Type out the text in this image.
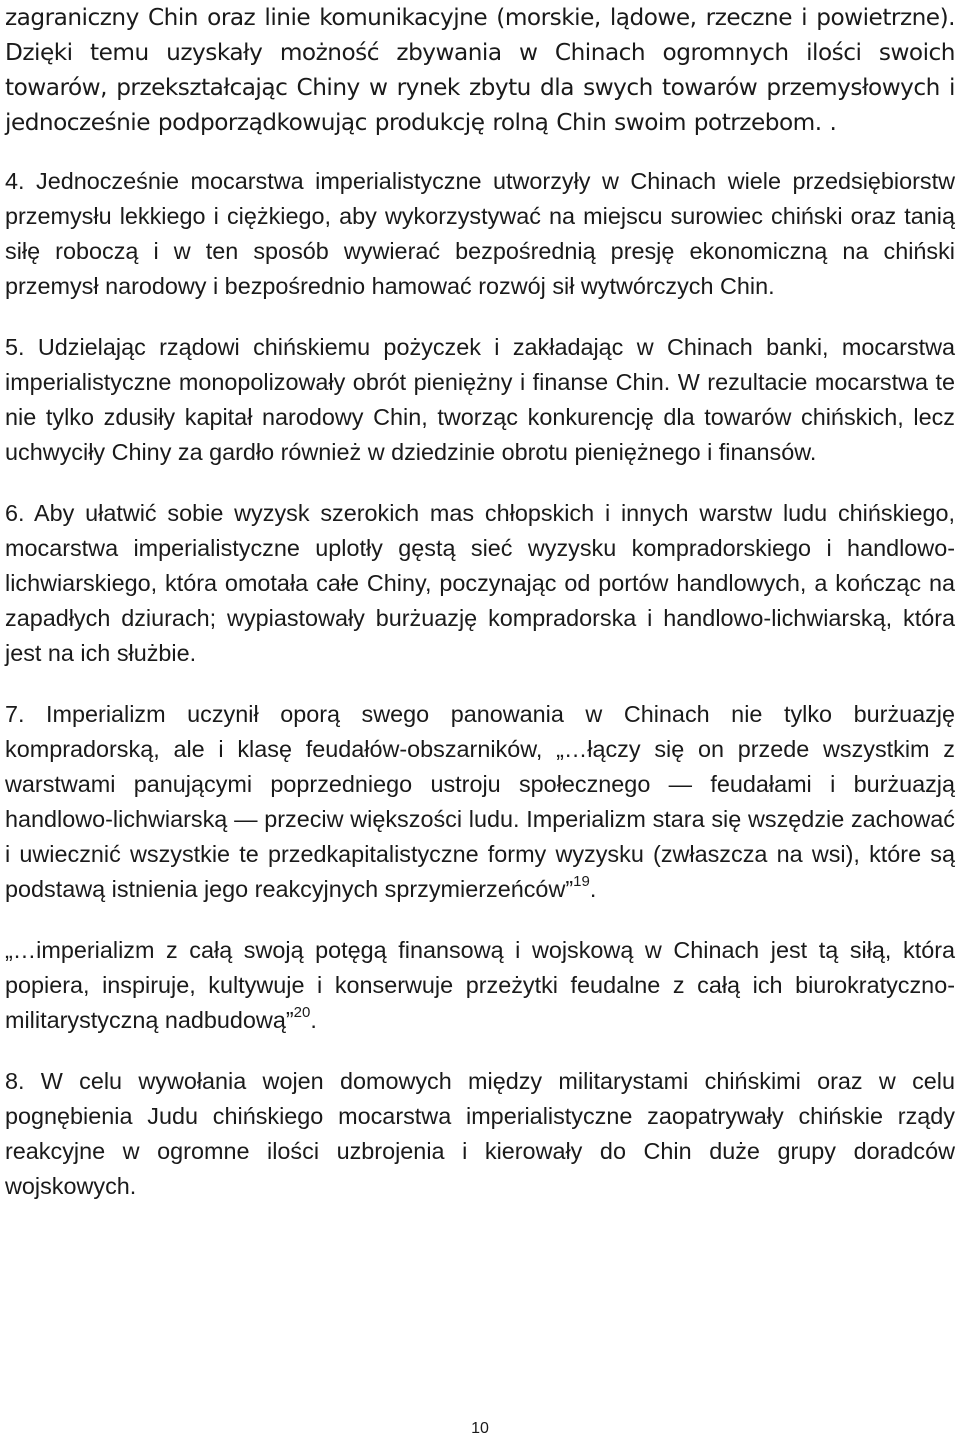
zagraniczny Chin oraz linie komunikacyjne (morskie, lądowe, rzeczne i powietrzne). Dzięki temu uzyskały możność zbywania w Chinach ogromnych ilości swoich towarów, przekształcając Chiny w rynek zbytu dla swych towarów przemysłowych i jednocześnie podporządkowując produkcję rolną Chin swoim potrzebom. .

4. Jednocześnie mocarstwa imperialistyczne utworzyły w Chinach wiele przedsiębiorstw przemysłu lekkiego i ciężkiego, aby wykorzystywać na miejscu surowiec chiński oraz tanią siłę roboczą i w ten sposób wywierać bezpośrednią presję ekonomiczną na chiński przemysł narodowy i bezpośrednio hamować rozwój sił wytwórczych Chin.

5. Udzielając rządowi chińskiemu pożyczek i zakładając w Chinach banki, mocarstwa imperialistyczne monopolizowały obrót pieniężny i finanse Chin. W rezultacie mocarstwa te nie tylko zdusiły kapitał narodowy Chin, tworząc konkurencję dla towarów chińskich, lecz uchwyciły Chiny za gardło również w dziedzinie obrotu pieniężnego i finansów.

6. Aby ułatwić sobie wyzysk szerokich mas chłopskich i innych warstw ludu chińskiego, mocarstwa imperialistyczne uplotły gęstą sieć wyzysku kompradorskiego i handlowo-lichwiarskiego, która omotała całe Chiny, poczynając od portów handlowych, a kończąc na zapadłych dziurach; wypiastowały burżuazję kompradorska i handlowo-lichwiarską, która jest na ich służbie.

7. Imperializm uczynił oporą swego panowania w Chinach nie tylko burżuazję kompradorską, ale i klasę feudałów-obszarników, „…łączy się on przede wszystkim z warstwami panującymi poprzedniego ustroju społecznego — feudałami i burżuazją handlowo-lichwiarską — przeciw większości ludu. Imperializm stara się wszędzie zachować i uwiecznić wszystkie te przedkapitalistyczne formy wyzysku (zwłaszcza na wsi), które są podstawą istnienia jego reakcyjnych sprzymierzeńców”$^{19}$.

„…imperializm z całą swoją potęgą finansową i wojskową w Chinach jest tą siłą, która popiera, inspiruje, kultywuje i konserwuje przeżytki feudalne z całą ich biurokratyczno-militarystyczną nadbudową”$^{20}$.

8. W celu wywołania wojen domowych między militarystami chińskimi oraz w celu pognębienia Judu chińskiego mocarstwa imperialistyczne zaopatrywały chińskie rządy reakcyjne w ogromne ilości uzbrojenia i kierowały do Chin duże grupy doradców wojskowych.

10
